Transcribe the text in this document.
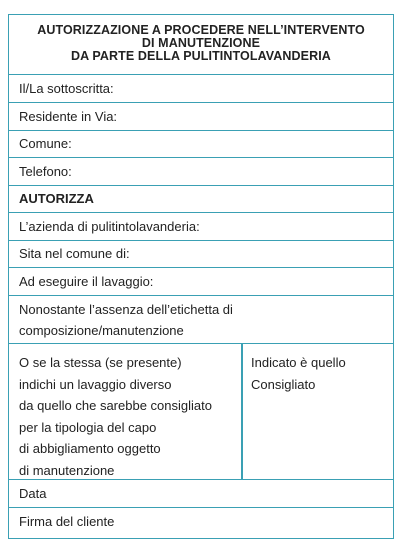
AUTORIZZAZIONE A PROCEDERE NELL’INTERVENTO
DI MANUTENZIONE
DA PARTE DELLA PULITINTOLAVANDERIA
Il/La sottoscritta:
Residente in Via:
Comune:
Telefono:
AUTORIZZA
L’azienda di pulitintolavanderia:
Sita nel comune di:
Ad eseguire il lavaggio:
Nonostante l’assenza dell’etichetta di
composizione/manutenzione
O se la stessa (se presente)
indichi un lavaggio diverso
da quello che sarebbe consigliato
per la tipologia del capo
di abbigliamento oggetto
di manutenzione
Indicato è quello
Consigliato
Data
Firma del cliente
